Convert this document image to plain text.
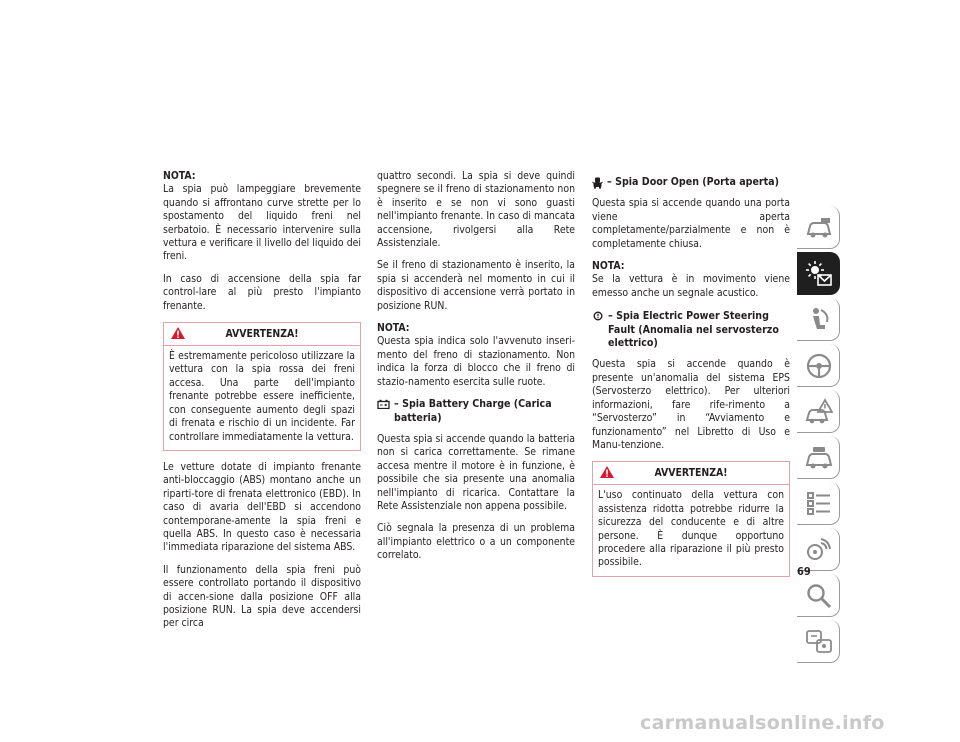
NOTA:
La spia può lampeggiare brevemente quando si affrontano curve strette per lo spostamento del liquido freni nel serbatoio. È necessario intervenire sulla vettura e verificare il livello del liquido dei freni.

In caso di accensione della spia far control-lare al più presto l'impianto frenante.

AVVERTENZA!
È estremamente pericoloso utilizzare la vettura con la spia rossa dei freni accesa. Una parte dell'impianto frenante potrebbe essere inefficiente, con conseguente aumento degli spazi di frenata e rischio di un incidente. Far controllare immediatamente la vettura.

Le vetture dotate di impianto frenante anti-bloccaggio (ABS) montano anche un riparti-tore di frenata elettronico (EBD). In caso di avaria dell'EBD si accendono contemporane-amente la spia freni e quella ABS. In questo caso è necessaria l'immediata riparazione del sistema ABS.

Il funzionamento della spia freni può essere controllato portando il dispositivo di accen-sione dalla posizione OFF alla posizione RUN. La spia deve accendersi per circa

quattro secondi. La spia si deve quindi spegnere se il freno di stazionamento non è inserito e se non vi sono guasti nell'impianto frenante. In caso di mancata accensione, rivolgersi alla Rete Assistenziale.

Se il freno di stazionamento è inserito, la spia si accenderà nel momento in cui il dispositivo di accensione verrà portato in posizione RUN.

NOTA:
Questa spia indica solo l'avvenuto inseri-mento del freno di stazionamento. Non indica la forza di blocco che il freno di stazio-namento esercita sulle ruote.

– Spia Battery Charge (Carica batteria)

Questa spia si accende quando la batteria non si carica correttamente. Se rimane accesa mentre il motore è in funzione, è possibile che sia presente una anomalia nell'impianto di ricarica. Contattare la Rete Assistenziale non appena possibile.

Ciò segnala la presenza di un problema all'impianto elettrico o a un componente correlato.

– Spia Door Open (Porta aperta)

Questa spia si accende quando una porta viene aperta completamente/parzialmente e non è completamente chiusa.

NOTA:
Se la vettura è in movimento viene emesso anche un segnale acustico.

– Spia Electric Power Steering Fault (Anomalia nel servosterzo elettrico)

Questa spia si accende quando è presente un'anomalia del sistema EPS (Servosterzo elettrico). Per ulteriori informazioni, fare rife-rimento a “Servosterzo” in “Avviamento e funzionamento” nel Libretto di Uso e Manu-tenzione.

AVVERTENZA!
L'uso continuato della vettura con assistenza ridotta potrebbe ridurre la sicurezza del conducente e di altre persone. È dunque opportuno procedere alla riparazione il più presto possibile.
69
carmanualsonline.info
